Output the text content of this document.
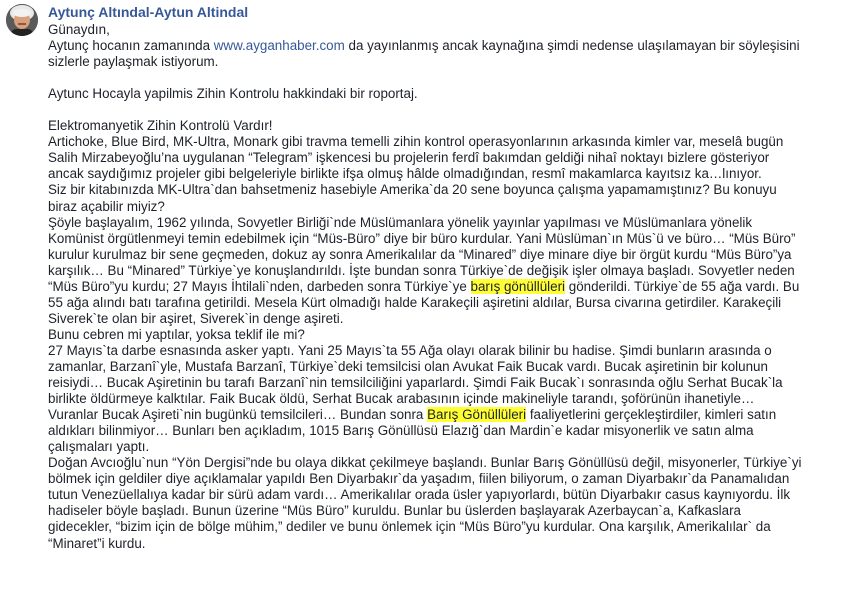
Aytunç Altındal-Aytun Altindal
Günaydın,
Aytunç hocanın zamanında www.ayganhaber.com da yayınlanmış ancak kaynağına şimdi nedense ulaşılamayan bir söyleşisini
sizlerle paylaşmak istiyorum.
Aytunc Hocayla yapilmis Zihin Kontrolu hakkindaki bir roportaj.
Elektromanyetik Zihin Kontrolü Vardır!
Artichoke, Blue Bird, MK-Ultra, Monark gibi travma temelli zihin kontrol operasyonlarının arkasında kimler var, meselâ bugün
Salih Mirzabeyoğlu’na uygulanan “Telegram” işkencesi bu projelerin ferdî bakımdan geldiği nihaî noktayı bizlere gösteriyor
ancak saydığımız projeler gibi belgeleriyle birlikte ifşa olmuş hâlde olmadığından, resmî makamlarca kayıtsız ka…lınıyor.
Siz bir kitabınızda MK-Ultra`dan bahsetmeniz hasebiyle Amerika`da 20 sene boyunca çalışma yapamamıştınız? Bu konuyu
biraz açabilir miyiz?
Şöyle başlayalım, 1962 yılında, Sovyetler Birliği`nde Müslümanlara yönelik yayınlar yapılması ve Müslümanlara yönelik
Komünist örgütlenmeyi temin edebilmek için “Müs-Büro” diye bir büro kurdular. Yani Müslüman`ın Müs`ü ve büro… “Müs Büro”
kurulur kurulmaz bir sene geçmeden, dokuz ay sonra Amerikalılar da “Minared” diye minare diye bir örgüt kurdu “Müs Büro”ya
karşılık… Bu “Minared” Türkiye`ye konuşlandırıldı. İşte bundan sonra Türkiye`de değişik işler olmaya başladı. Sovyetler neden
“Müs Büro”yu kurdu; 27 Mayıs İhtilali`nden, darbeden sonra Türkiye`ye barış gönüllüleri gönderildi. Türkiye`de 55 ağa vardı. Bu
55 ağa alındı batı tarafına getirildi. Mesela Kürt olmadığı halde Karakeçili aşiretini aldılar, Bursa civarına getirdiler. Karakeçili
Siverek`te olan bir aşiret, Siverek`in denge aşireti.
Bunu cebren mi yaptılar, yoksa teklif ile mi?
27 Mayıs`ta darbe esnasında asker yaptı. Yani 25 Mayıs`ta 55 Ağa olayı olarak bilinir bu hadise. Şimdi bunların arasında o
zamanlar, Barzanî`yle, Mustafa Barzanî, Türkiye`deki temsilcisi olan Avukat Faik Bucak vardı. Bucak aşiretinin bir kolunun
reisiydi… Bucak Aşiretinin bu tarafı Barzanî`nin temsilciliğini yaparlardı. Şimdi Faik Bucak`ı sonrasında oğlu Serhat Bucak`la
birlikte öldürmeye kalktılar. Faik Bucak öldü, Serhat Bucak arabasının içinde makineliyle tarandı, şoförünün ihanetiyle…
Vuranlar Bucak Aşireti`nin bugünkü temsilcileri… Bundan sonra Barış Gönüllüleri faaliyetlerini gerçekleştirdiler, kimleri satın
aldıkları bilinmiyor… Bunları ben açıkladım, 1015 Barış Gönüllüsü Elazığ`dan Mardin`e kadar misyonerlik ve satın alma
çalışmaları yaptı.
Doğan Avcıoğlu`nun “Yön Dergisi”nde bu olaya dikkat çekilmeye başlandı. Bunlar Barış Gönüllüsü değil, misyonerler, Türkiye`yi
bölmek için geldiler diye açıklamalar yapıldı Ben Diyarbakır`da yaşadım, fiilen biliyorum, o zaman Diyarbakır`da Panamalıdan
tutun Venezüellalıya kadar bir sürü adam vardı… Amerikalılar orada üsler yapıyorlardı, bütün Diyarbakır casus kaynıyordu. İlk
hadiseler böyle başladı. Bunun üzerine “Müs Büro” kuruldu. Bunlar bu üslerden başlayarak Azerbaycan`a, Kafkaslara
gidecekler, “bizim için de bölge mühim,” dediler ve bunu önlemek için “Müs Büro”yu kurdular. Ona karşılık, Amerikalılar` da
“Minaret”i kurdu.
